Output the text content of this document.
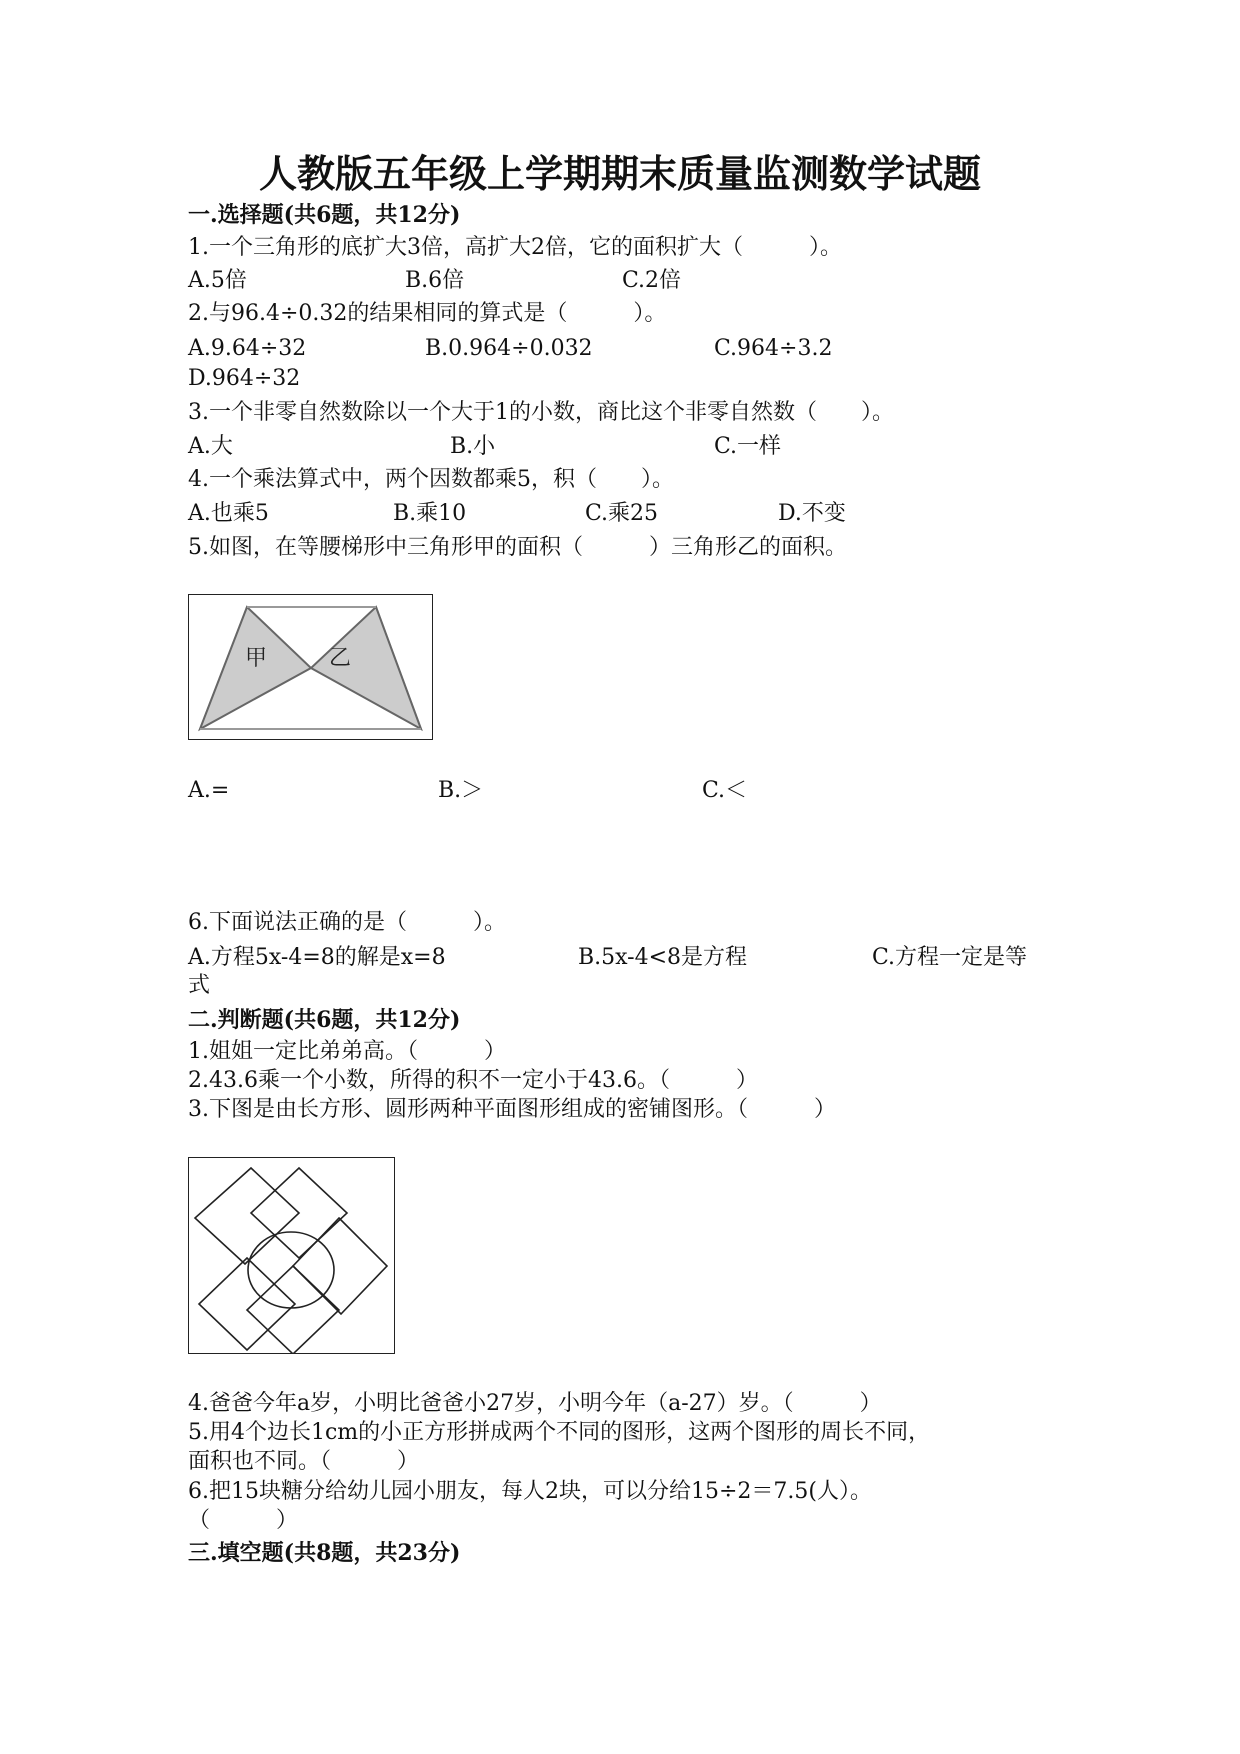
人教版五年级上学期期末质量监测数学试题
一.选择题(共6题，共12分)
1.一个三角形的底扩大3倍，高扩大2倍，它的面积扩大（　　　）。
A.5倍	B.6倍	C.2倍
2.与96.4÷0.32的结果相同的算式是（　　　）。
A.9.64÷32	B.0.964÷0.032	C.964÷3.2
D.964÷32
3.一个非零自然数除以一个大于1的小数，商比这个非零自然数（　　）。
A.大	B.小	C.一样
4.一个乘法算式中，两个因数都乘5，积（　　）。
A.也乘5	B.乘10	C.乘25	D.不变
5.如图，在等腰梯形中三角形甲的面积（　　　）三角形乙的面积。
甲	乙
A.=	B.＞	C.＜
6.下面说法正确的是（　　　）。
A.方程5x-4=8的解是x=8	B.5x-4<8是方程	C.方程一定是等
式
二.判断题(共6题，共12分)
1.姐姐一定比弟弟高。（　　　）
2.43.6乘一个小数，所得的积不一定小于43.6。（　　　）
3.下图是由长方形、圆形两种平面图形组成的密铺图形。（　　　）
4.爸爸今年a岁，小明比爸爸小27岁，小明今年（a-27）岁。（　　　）
5.用4个边长1cm的小正方形拼成两个不同的图形，这两个图形的周长不同，
面积也不同。（　　　）
6.把15块糖分给幼儿园小朋友，每人2块，可以分给15÷2＝7.5(人）。
（　　　）
三.填空题(共8题，共23分)
